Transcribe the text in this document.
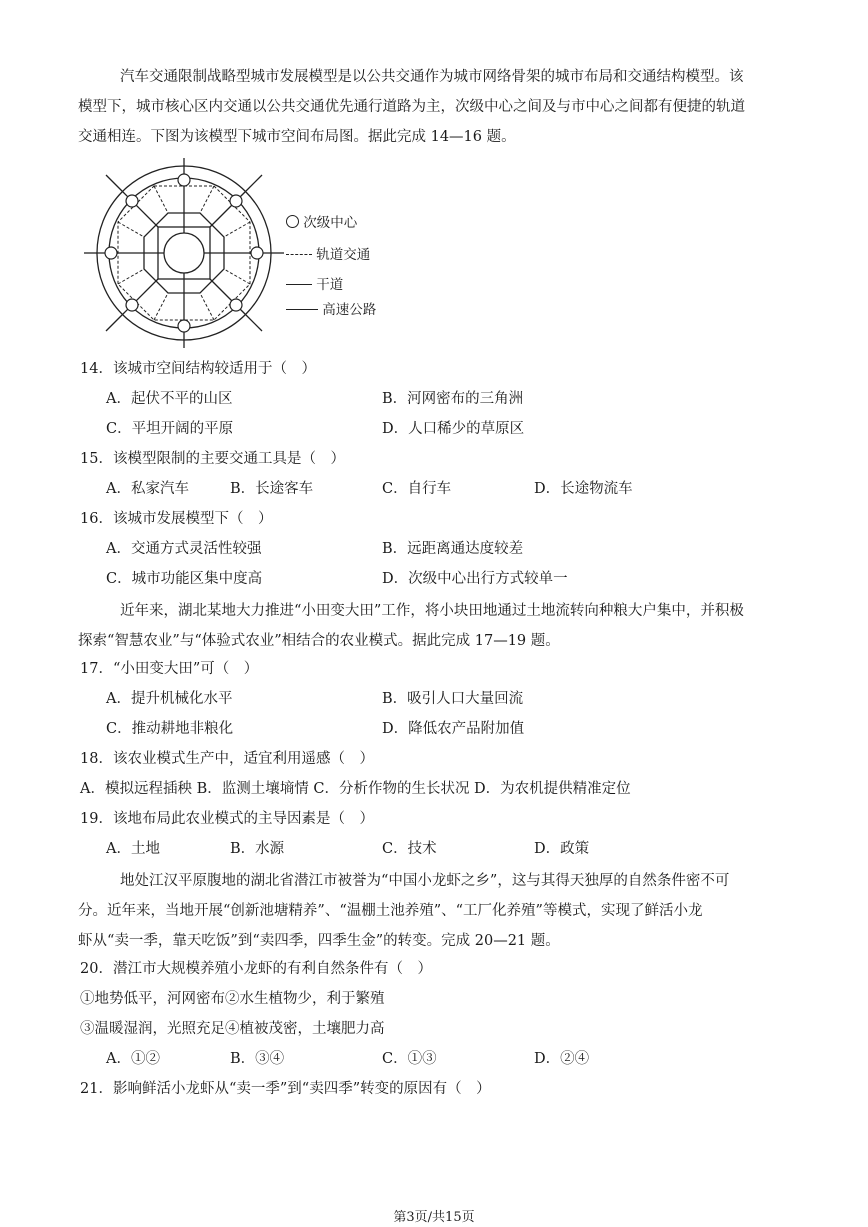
汽车交通限制战略型城市发展模型是以公共交通作为城市网络骨架的城市布局和交通结构模型。该
模型下，城市核心区内交通以公共交通优先通行道路为主，次级中心之间及与市中心之间都有便捷的轨道
交通相连。下图为该模型下城市空间布局图。据此完成 14—16 题。
次级中心
轨道交通
干道
高速公路
14．该城市空间结构较适用于（　）
A．起伏不平的山区	B．河网密布的三角洲
C．平坦开阔的平原	D．人口稀少的草原区
15．该模型限制的主要交通工具是（　）
A．私家汽车	B．长途客车	C．自行车	D．长途物流车
16．该城市发展模型下（　）
A．交通方式灵活性较强	B．远距离通达度较差
C．城市功能区集中度高	D．次级中心出行方式较单一
近年来，湖北某地大力推进“小田变大田”工作，将小块田地通过土地流转向种粮大户集中，并积极
探索“智慧农业”与“体验式农业”相结合的农业模式。据此完成 17—19 题。
17．“小田变大田”可（　）
A．提升机械化水平	B．吸引人口大量回流
C．推动耕地非粮化	D．降低农产品附加值
18．该农业模式生产中，适宜利用遥感（　）
A．模拟远程插秧 B．监测土壤墒情 C．分析作物的生长状况 D．为农机提供精准定位
19．该地布局此农业模式的主导因素是（　）
A．土地	B．水源	C．技术	D．政策
地处江汉平原腹地的湖北省潜江市被誉为“中国小龙虾之乡”，这与其得天独厚的自然条件密不可
分。近年来，当地开展“创新池塘精养”、“温棚土池养殖”、“工厂化养殖”等模式，实现了鲜活小龙
虾从“卖一季，靠天吃饭”到“卖四季，四季生金”的转变。完成 20—21 题。
20．潜江市大规模养殖小龙虾的有利自然条件有（　）
①地势低平，河网密布②水生植物少，利于繁殖
③温暖湿润，光照充足④植被茂密，土壤肥力高
A．①②	B．③④	C．①③	D．②④
21．影响鲜活小龙虾从“卖一季”到“卖四季”转变的原因有（　）
第3页/共15页
